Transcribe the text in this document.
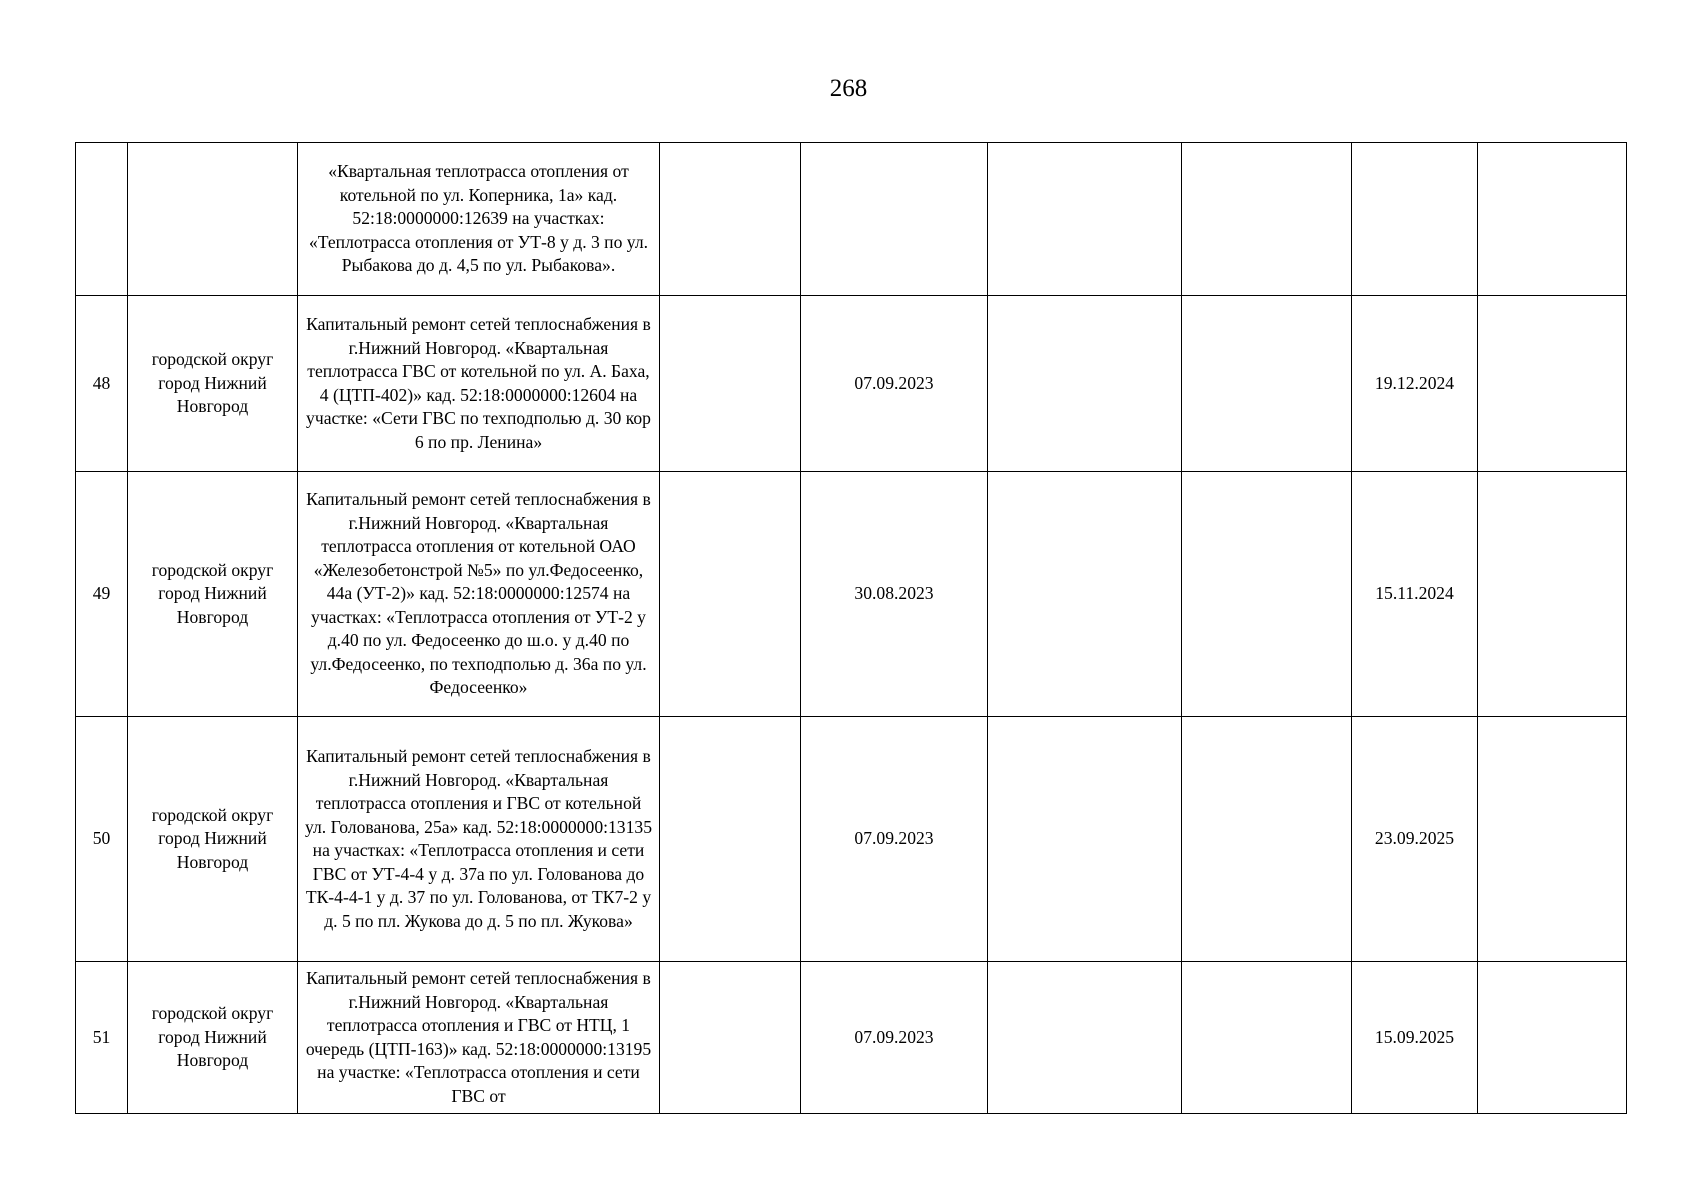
268
		«Квартальная теплотрасса отопления от котельной по ул. Коперника, 1а» кад. 52:18:0000000:12639 на участках: «Теплотрасса отопления от УТ-8 у д. 3 по ул. Рыбакова до д. 4,5 по ул. Рыбакова».						
48	городской округ город Нижний Новгород	Капитальный ремонт сетей теплоснабжения в г.Нижний Новгород. «Квартальная теплотрасса ГВС от котельной по ул. А. Баха, 4 (ЦТП-402)» кад. 52:18:0000000:12604 на участке: «Сети ГВС по техподполью д. 30 кор 6 по пр. Ленина»		07.09.2023			19.12.2024	
49	городской округ город Нижний Новгород	Капитальный ремонт сетей теплоснабжения в г.Нижний Новгород. «Квартальная теплотрасса отопления от котельной ОАО «Железобетонстрой №5» по ул.Федосеенко, 44а (УТ-2)» кад. 52:18:0000000:12574 на участках: «Теплотрасса отопления от УТ-2 у д.40 по ул. Федосеенко до ш.о. у д.40 по ул.Федосеенко, по техподполью д. 36а по ул. Федосеенко»		30.08.2023			15.11.2024	
50	городской округ город Нижний Новгород	Капитальный ремонт сетей теплоснабжения в г.Нижний Новгород. «Квартальная теплотрасса отопления и ГВС от котельной ул. Голованова, 25а» кад. 52:18:0000000:13135 на участках: «Теплотрасса отопления и сети ГВС от УТ-4-4 у д. 37а по ул. Голованова до ТК-4-4-1 у д. 37 по ул. Голованова, от ТК7-2 у д. 5 по пл. Жукова до д. 5 по пл. Жукова»		07.09.2023			23.09.2025	
51	городской округ город Нижний Новгород	Капитальный ремонт сетей теплоснабжения в г.Нижний Новгород. «Квартальная теплотрасса отопления и ГВС от НТЦ, 1 очередь (ЦТП-163)» кад. 52:18:0000000:13195 на участке: «Теплотрасса отопления и сети ГВС от		07.09.2023			15.09.2025	
